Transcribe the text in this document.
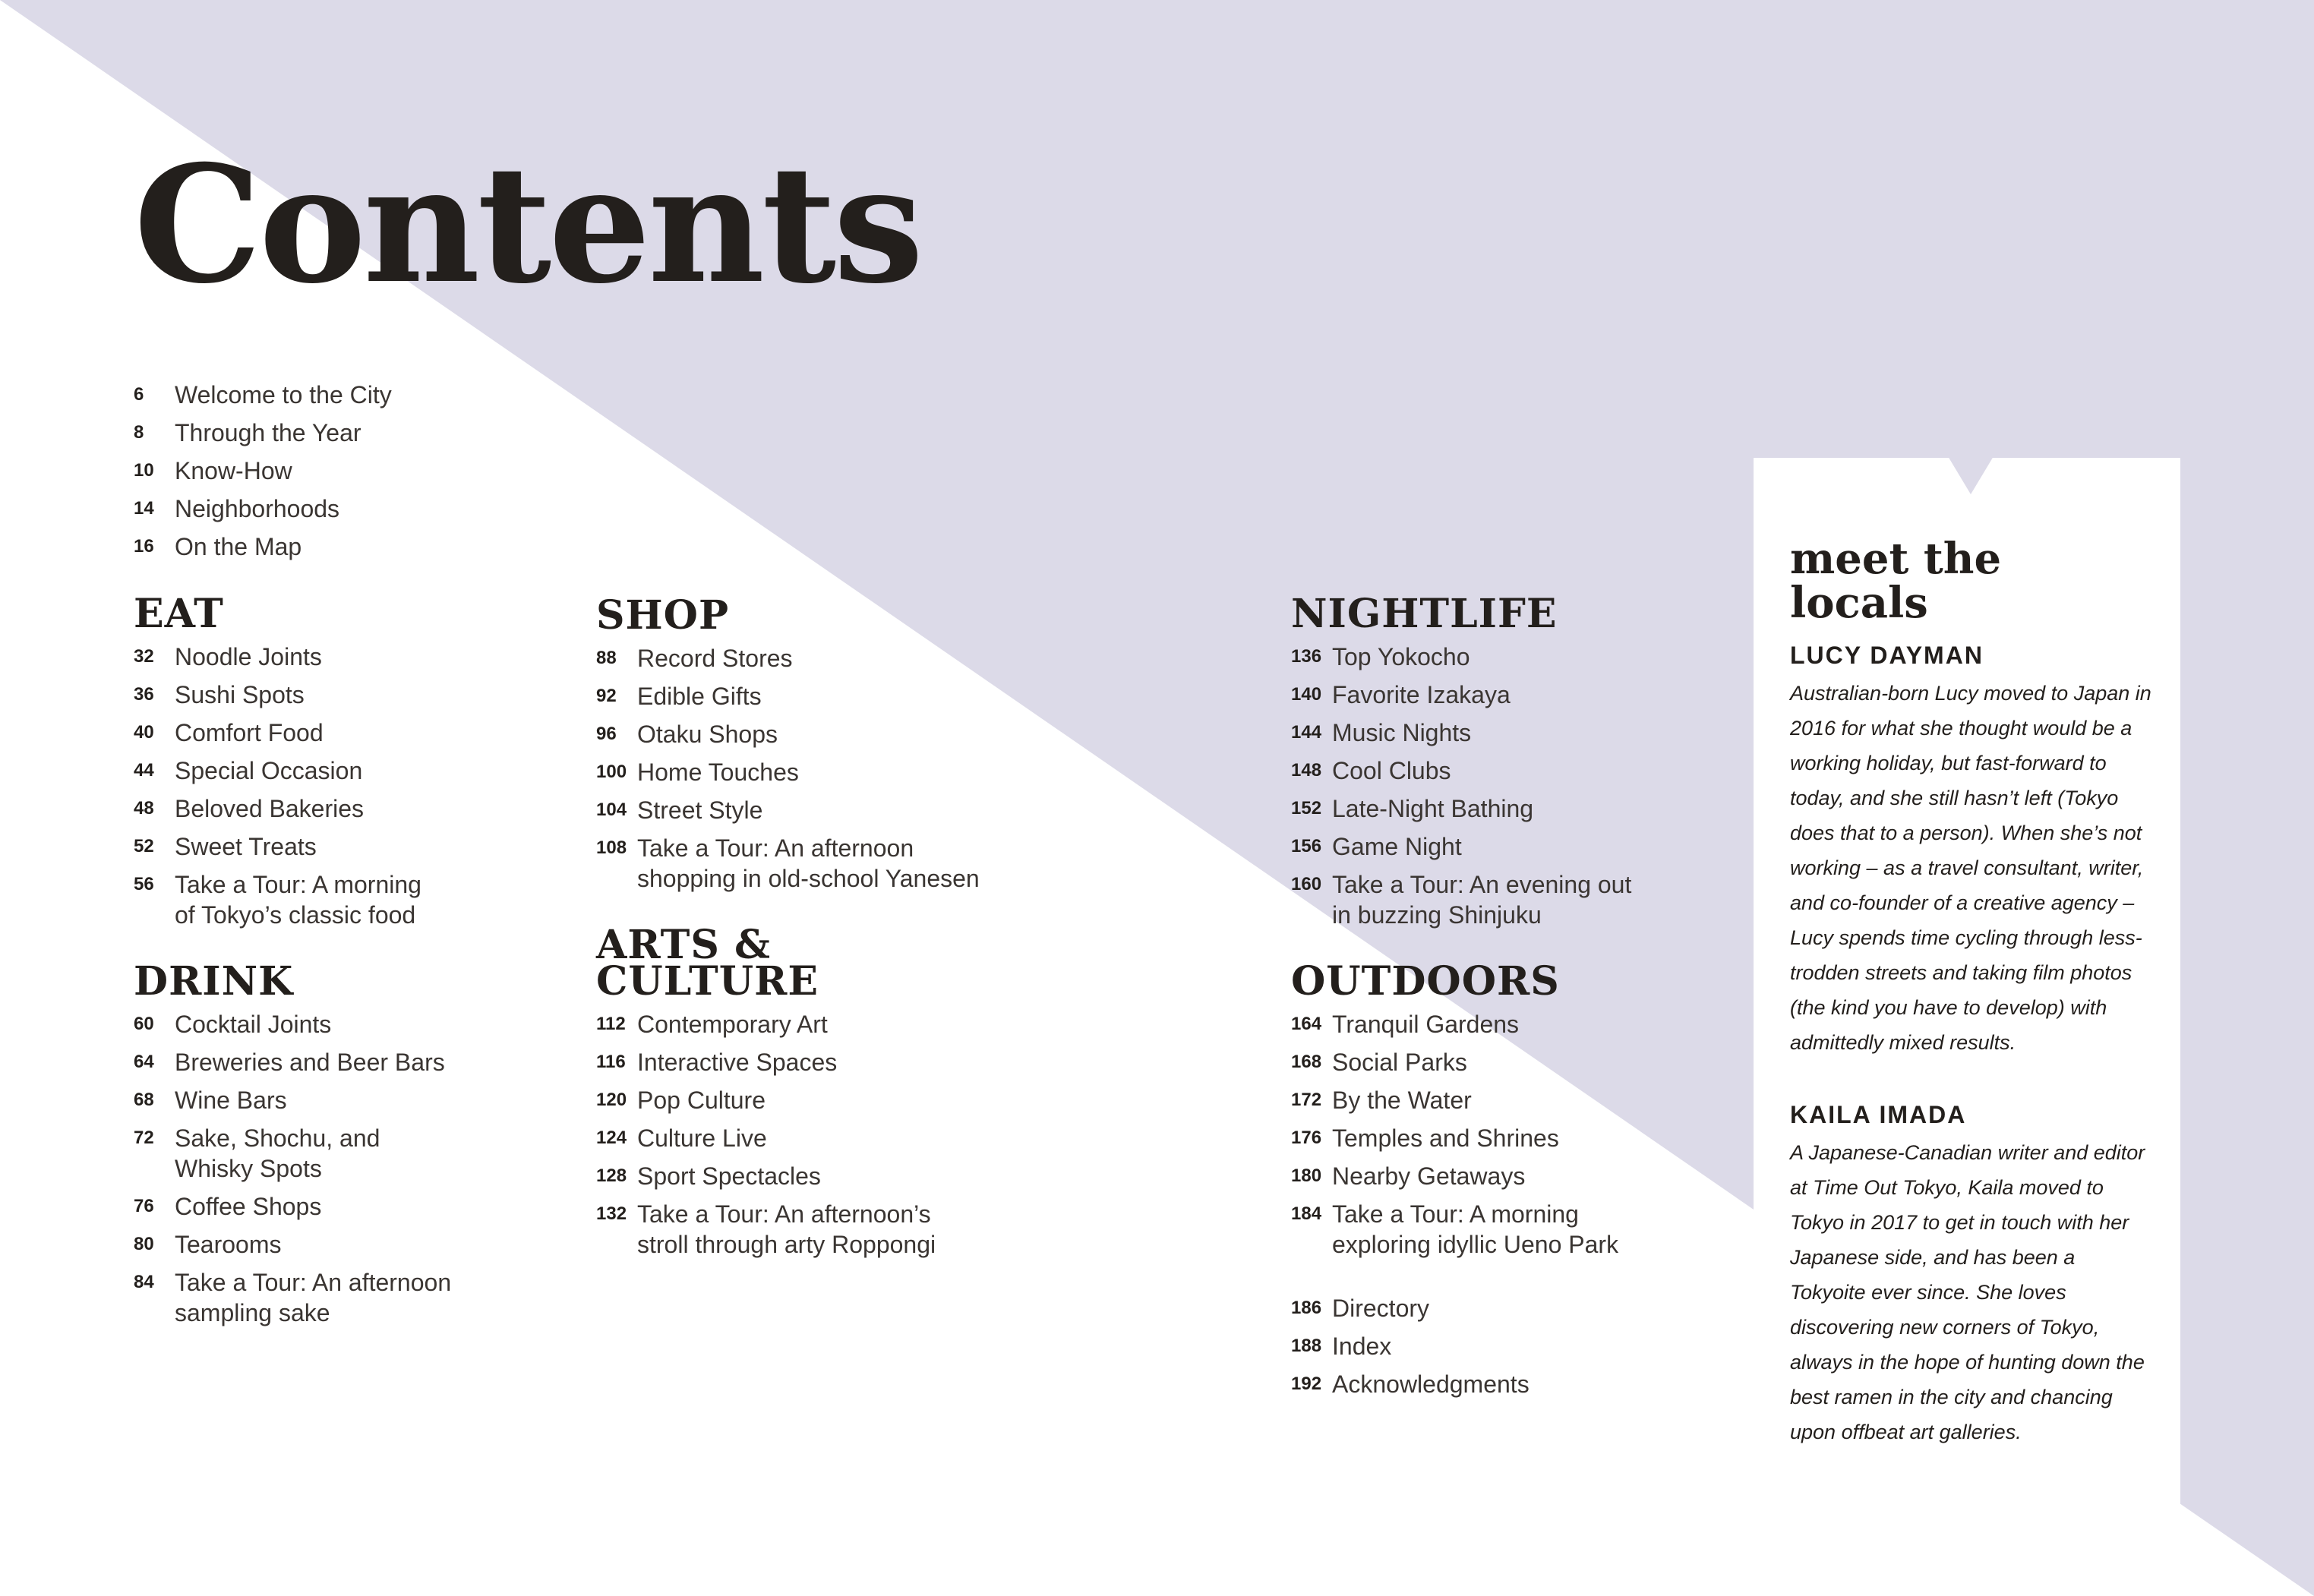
Contents
6	Welcome to the City
8	Through the Year
10 Know-How
14 Neighborhoods
16 On the Map
EAT
32 Noodle Joints
36 Sushi Spots
40 Comfort Food
44 Special Occasion
48 Beloved Bakeries
52 Sweet Treats
56 Take a Tour: A morning of Tokyo’s classic food
DRINK
60 Cocktail Joints
64 Breweries and Beer Bars
68 Wine Bars
72 Sake, Shochu, and Whisky Spots
76 Coffee Shops
80 Tearooms
84 Take a Tour: An afternoon sampling sake
SHOP
88 Record Stores
92 Edible Gifts
96 Otaku Shops
100 Home Touches
104 Street Style
108 Take a Tour: An afternoon shopping in old-school Yanesen
ARTS & CULTURE
112 Contemporary Art
116 Interactive Spaces
120 Pop Culture
124 Culture Live
128 Sport Spectacles
132 Take a Tour: An afternoon’s stroll through arty Roppongi
NIGHTLIFE
136 Top Yokocho
140 Favorite Izakaya
144 Music Nights
148 Cool Clubs
152 Late-Night Bathing
156 Game Night
160 Take a Tour: An evening out in buzzing Shinjuku
OUTDOORS
164 Tranquil Gardens
168 Social Parks
172 By the Water
176 Temples and Shrines
180 Nearby Getaways
184 Take a Tour: A morning exploring idyllic Ueno Park
186 Directory
188 Index
192 Acknowledgments
meet the locals

LUCY DAYMAN

Australian-born Lucy moved to Japan in 2016 for what she thought would be a working holiday, but fast-forward to today, and she still hasn’t left (Tokyo does that to a person). When she’s not working – as a travel consultant, writer, and co-founder of a creative agency – Lucy spends time cycling through less-trodden streets and taking film photos (the kind you have to develop) with admittedly mixed results.

KAILA IMADA

A Japanese-Canadian writer and editor at Time Out Tokyo, Kaila moved to Tokyo in 2017 to get in touch with her Japanese side, and has been a Tokyoite ever since. She loves discovering new corners of Tokyo, always in the hope of hunting down the best ramen in the city and chancing upon offbeat art galleries.
